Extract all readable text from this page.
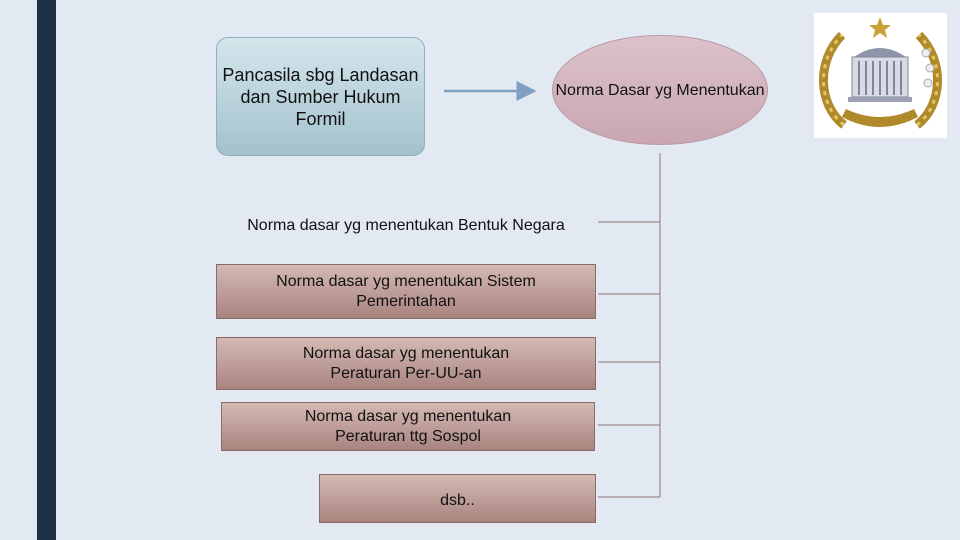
Pancasila sbg Landasan dan Sumber Hukum Formil
Norma Dasar yg Menentukan
Norma dasar yg menentukan Bentuk Negara
Norma dasar yg menentukan Sistem Pemerintahan
Norma dasar yg menentukan Peraturan Per-UU-an
Norma dasar yg menentukan Peraturan ttg Sospol
dsb..
